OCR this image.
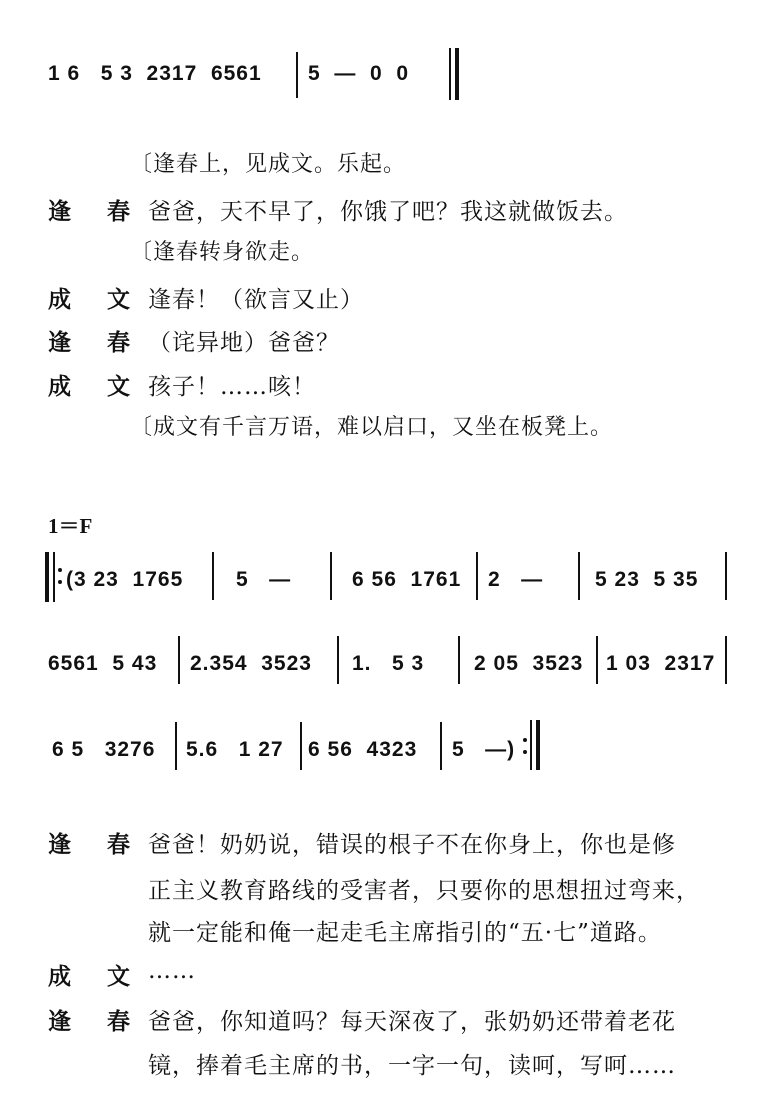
1 6   5 3  2317  6561 5  —  0  0
〔逢春上，见成文。乐起。
逢 春 爸爸，天不早了，你饿了吧？我这就做饭去。
〔逢春转身欲走。
成 文 逢春！（欲言又止）
逢 春 （诧异地）爸爸？
成 文 孩子！……咳！
〔成文有千言万语，难以启口，又坐在板凳上。
1＝F
(3 23  1765	5   —	6 56  1761 2   — 5 23  5 35
6561  5 43 2.354  3523 1.   5 3 2 05  3523 1 03  2317
6 5   3276 5.6   1 27 6 56  4323 5   —)
逢 春 爸爸！奶奶说，错误的根子不在你身上，你也是修
正主义教育路线的受害者，只要你的思想扭过弯来，
就一定能和俺一起走毛主席指引的“五·七”道路。
成 文 ……
逢 春 爸爸，你知道吗？每天深夜了，张奶奶还带着老花
镜，捧着毛主席的书，一字一句，读呵，写呵……
